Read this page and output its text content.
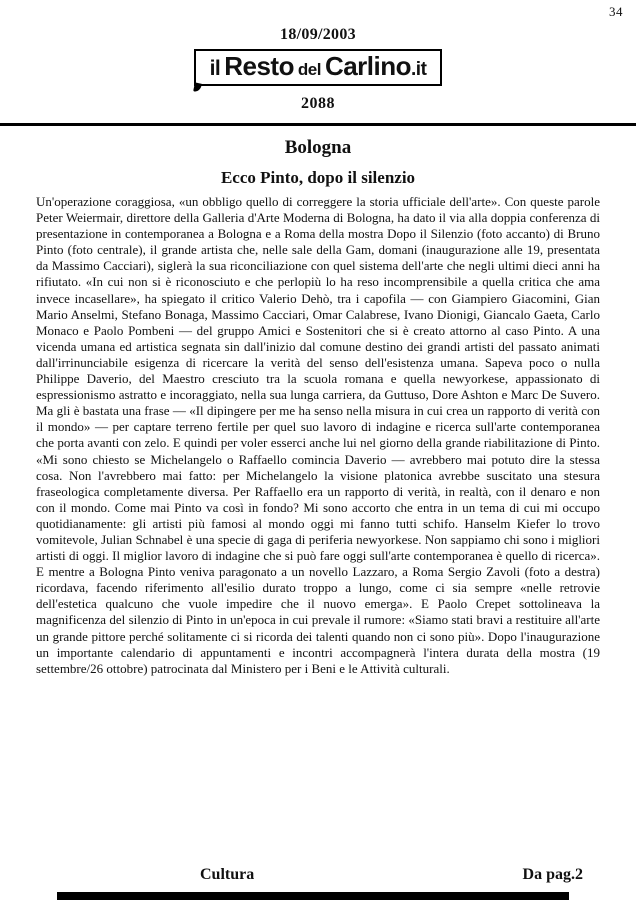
34
18/09/2003
il Resto del Carlino.it
2088
Bologna
Ecco Pinto, dopo il silenzio

Un'operazione coraggiosa, «un obbligo quello di correggere la storia ufficiale dell'arte». Con queste parole Peter Weiermair, direttore della Galleria d'Arte Moderna di Bologna, ha dato il via alla doppia conferenza di presentazione in contemporanea a Bologna e a Roma della mostra Dopo il Silenzio (foto accanto) di Bruno Pinto (foto centrale), il grande artista che, nelle sale della Gam, domani (inaugurazione alle 19, presentata da Massimo Cacciari), siglerà la sua riconciliazione con quel sistema dell'arte che negli ultimi dieci anni ha rifiutato. «In cui non si è riconosciuto e che perlopiù lo ha reso incomprensibile a quella critica che ama invece incasellare», ha spiegato il critico Valerio Dehò, tra i capofila — con Giampiero Giacomini, Gian Mario Anselmi, Stefano Bonaga, Massimo Cacciari, Omar Calabrese, Ivano Dionigi, Giancalo Gaeta, Carlo Monaco e Paolo Pombeni — del gruppo Amici e Sostenitori che si è creato attorno al caso Pinto. A una vicenda umana ed artistica segnata sin dall'inizio dal comune destino dei grandi artisti del passato animati dall'irrinunciabile esigenza di ricercare la verità del senso dell'esistenza umana. Sapeva poco o nulla Philippe Daverio, del Maestro cresciuto tra la scuola romana e quella newyorkese, appassionato di espressionismo astratto e incoraggiato, nella sua lunga carriera, da Guttuso, Dore Ashton e Marc De Suvero. Ma gli è bastata una frase — «Il dipingere per me ha senso nella misura in cui crea un rapporto di verità con il mondo» — per captare terreno fertile per quel suo lavoro di indagine e ricerca sull'arte contemporanea che porta avanti con zelo. E quindi per voler esserci anche lui nel giorno della grande riabilitazione di Pinto. «Mi sono chiesto se Michelangelo o Raffaello comincia Daverio — avrebbero mai potuto dire la stessa cosa. Non l'avrebbero mai fatto: per Michelangelo la visione platonica avrebbe suscitato una stesura fraseologica completamente diversa. Per Raffaello era un rapporto di verità, in realtà, con il denaro e non con il mondo. Come mai Pinto va così in fondo? Mi sono accorto che entra in un tema di cui mi occupo quotidianamente: gli artisti più famosi al mondo oggi mi fanno tutti schifo. Hanselm Kiefer lo trovo vomitevole, Julian Schnabel è una specie di gaga di periferia newyorkese. Non sappiamo chi sono i migliori artisti di oggi. Il miglior lavoro di indagine che si può fare oggi sull'arte contemporanea è quello di ricerca». E mentre a Bologna Pinto veniva paragonato a un novello Lazzaro, a Roma Sergio Zavoli (foto a destra) ricordava, facendo riferimento all'esilio durato troppo a lungo, come ci sia sempre «nelle retrovie dell'estetica qualcuno che vuole impedire che il nuovo emerga». E Paolo Crepet sottolineava la magnificenza del silenzio di Pinto in un'epoca in cui prevale il rumore: «Siamo stati bravi a restituire all'arte un grande pittore perché solitamente ci si ricorda dei talenti quando non ci sono più». Dopo l'inaugurazione un importante calendario di appuntamenti e incontri accompagnerà l'intera durata della mostra (19 settembre/26 ottobre) patrocinata dal Ministero per i Beni e le Attività culturali.

Cultura	Da pag.2
